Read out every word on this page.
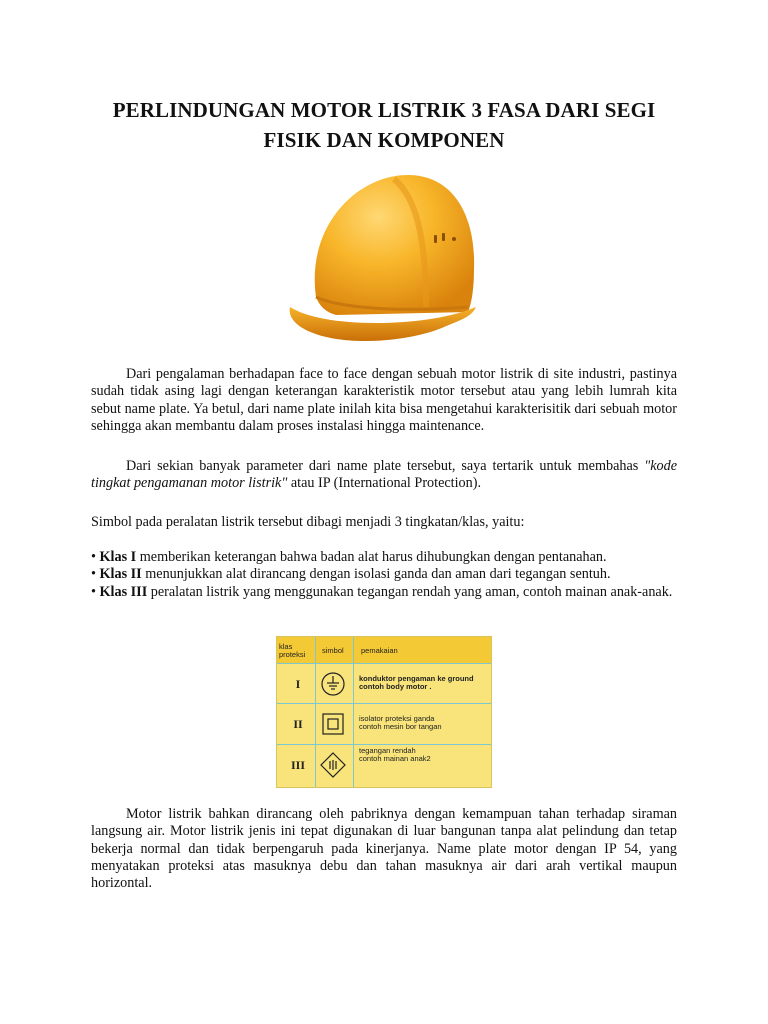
PERLINDUNGAN MOTOR LISTRIK 3 FASA DARI SEGI
FISIK DAN KOMPONEN

Dari pengalaman berhadapan face to face dengan sebuah motor listrik di site industri, pastinya sudah tidak asing lagi dengan keterangan karakteristik motor tersebut atau yang lebih lumrah kita sebut name plate. Ya betul, dari name plate inilah kita bisa mengetahui karakterisitik dari sebuah motor sehingga akan membantu dalam proses instalasi hingga maintenance.

Dari sekian banyak parameter dari name plate tersebut, saya tertarik untuk membahas "kode tingkat pengamanan motor listrik" atau IP (International Protection).

Simbol pada peralatan listrik tersebut dibagi menjadi 3 tingkatan/klas, yaitu:

• Klas I memberikan keterangan bahwa badan alat harus dihubungkan dengan pentanahan.
• Klas II menunjukkan alat dirancang dengan isolasi ganda dan aman dari tegangan sentuh.
• Klas III peralatan listrik yang menggunakan tegangan rendah yang aman, contoh mainan anak-anak.
klas
proteksi simbol pemakaian
I	konduktor pengaman ke ground
contoh body motor .
II	isolator proteksi ganda
contoh mesin bor tangan
III
tegangan rendah
contoh mainan anak2

Motor listrik bahkan dirancang oleh pabriknya dengan kemampuan tahan terhadap siraman langsung air. Motor listrik jenis ini tepat digunakan di luar bangunan tanpa alat pelindung dan tetap bekerja normal dan tidak berpengaruh pada kinerjanya. Name plate motor dengan IP 54, yang menyatakan proteksi atas masuknya debu dan tahan masuknya air dari arah vertikal maupun horizontal.
